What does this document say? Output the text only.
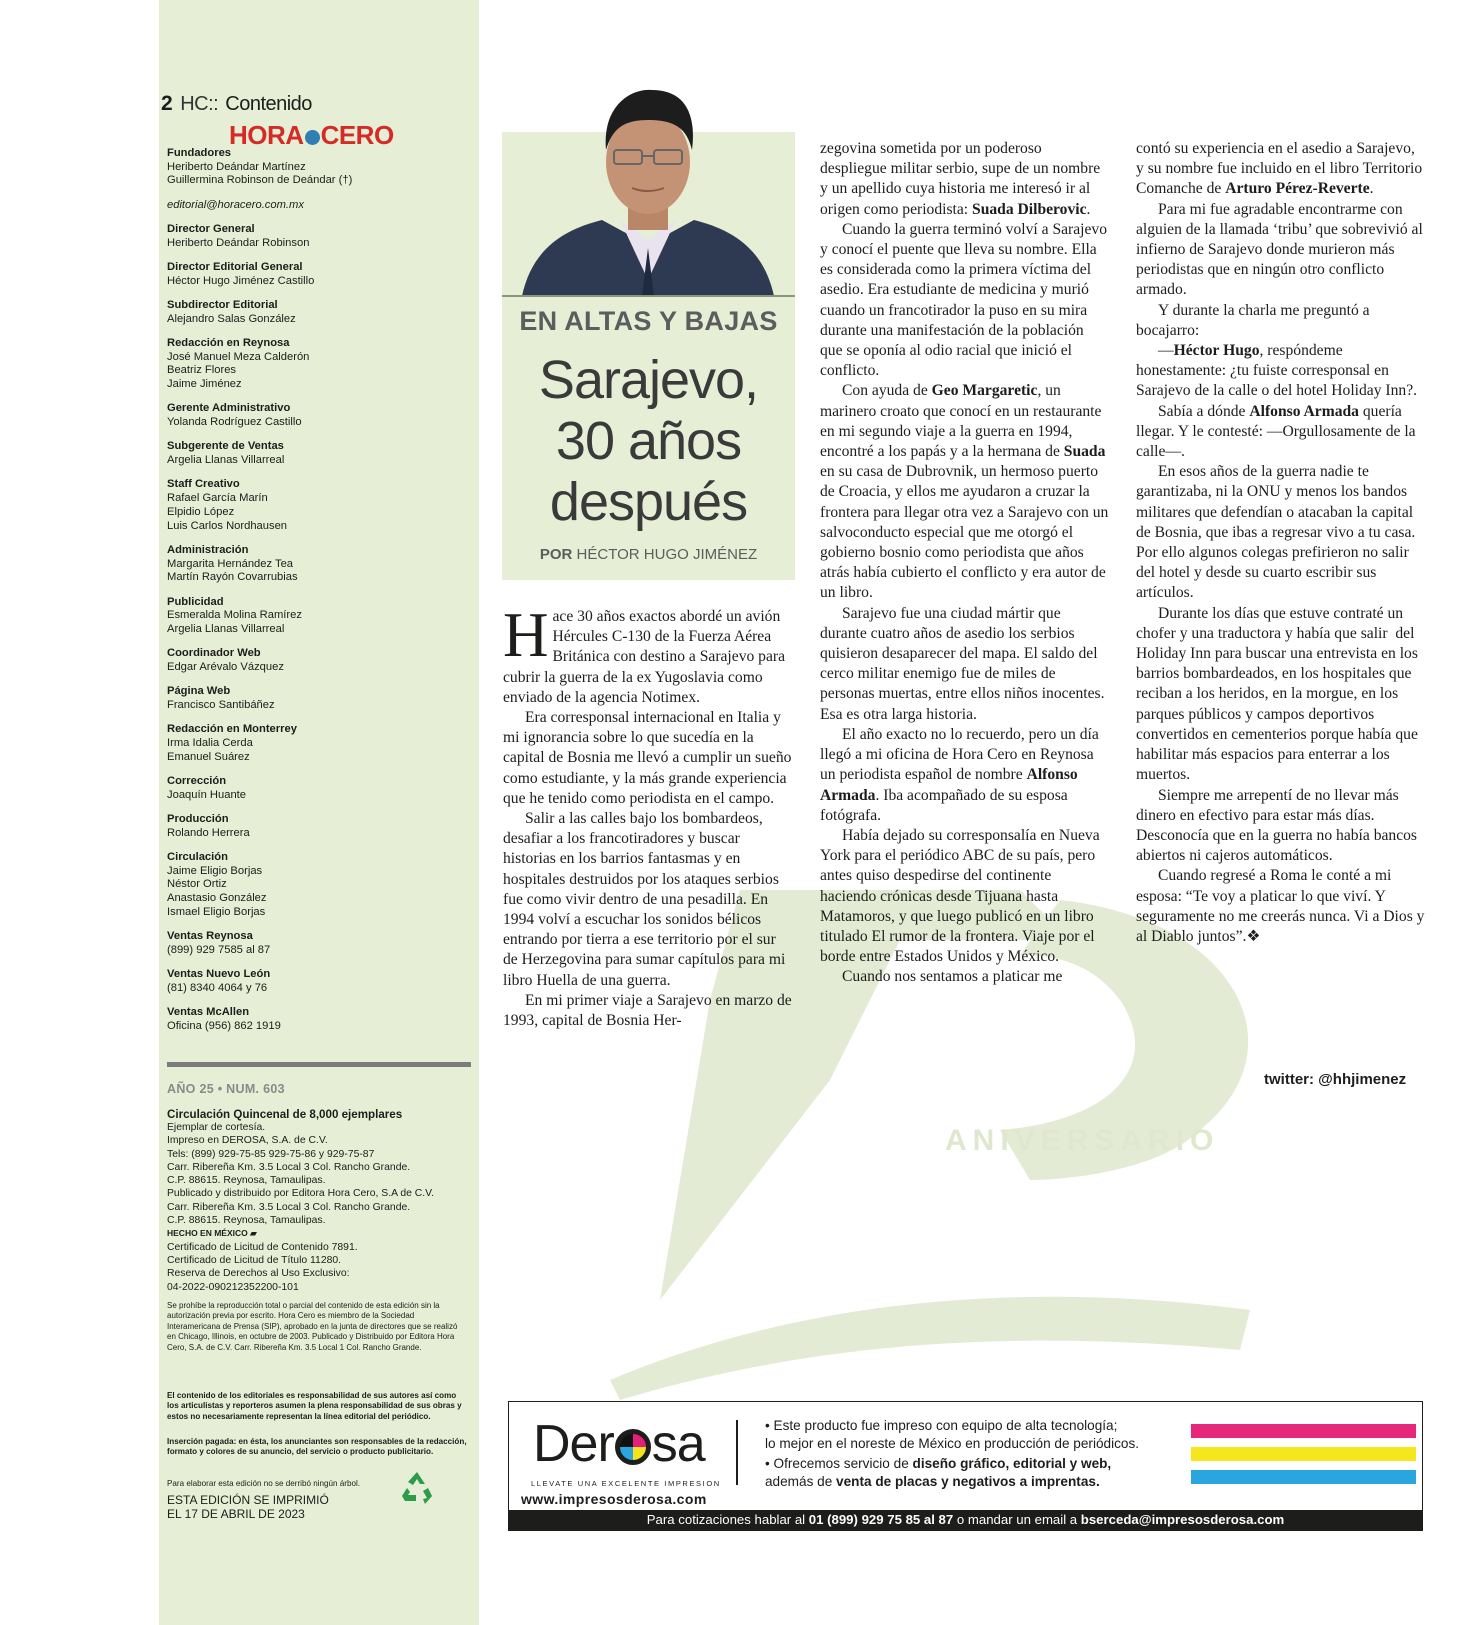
2 HC:: Contenido
HORA CERO
Fundadores
Heriberto Deándar Martínez
Guillermina Robinson de Deándar (†)
editorial@horacero.com.mx
Director General
Heriberto Deándar Robinson
Director Editorial General
Héctor Hugo Jiménez Castillo
Subdirector Editorial
Alejandro Salas González
Redacción en Reynosa
José Manuel Meza Calderón
Beatriz Flores
Jaime Jiménez
Gerente Administrativo
Yolanda Rodríguez Castillo
Subgerente de Ventas
Argelia Llanas Villarreal
Staff Creativo
Rafael García Marín
Elpidio López
Luis Carlos Nordhausen
Administración
Margarita Hernández Tea
Martín Rayón Covarrubias
Publicidad
Esmeralda Molina Ramírez
Argelia Llanas Villarreal
Coordinador Web
Edgar Arévalo Vázquez
Página Web
Francisco Santibáñez
Redacción en Monterrey
Irma Idalia Cerda
Emanuel Suárez
Corrección
Joaquín Huante
Producción
Rolando Herrera
Circulación
Jaime Eligio Borjas
Néstor Ortiz
Anastasio González
Ismael Eligio Borjas
Ventas Reynosa
(899) 929 7585 al 87
Ventas Nuevo León
(81) 8340 4064 y 76
Ventas McAllen
Oficina (956) 862 1919
AÑO 25 • NUM. 603
Circulación Quincenal de 8,000 ejemplares
Ejemplar de cortesía.
Impreso en DEROSA, S.A. de C.V.
Tels: (899) 929-75-85 929-75-86 y 929-75-87
Carr. Ribereña Km. 3.5 Local 3 Col. Rancho Grande.
C.P. 88615. Reynosa, Tamaulipas.
Publicado y distribuido por Editora Hora Cero, S.A de C.V.
Carr. Ribereña Km. 3.5 Local 3 Col. Rancho Grande.
C.P. 88615. Reynosa, Tamaulipas.
HECHO EN MÉXICO ▰
Certificado de Licitud de Contenido 7891.
Certificado de Licitud de Título 11280.
Reserva de Derechos al Uso Exclusivo:
04-2022-090212352200-101
Se prohíbe la reproducción total o parcial del contenido de esta edición sin la autorización previa por escrito. Hora Cero es miembro de la Sociedad Interamericana de Prensa (SIP), aprobado en la junta de directores que se realizó en Chicago, Illinois, en octubre de 2003. Publicado y Distribuido por Editora Hora Cero, S.A. de C.V. Carr. Ribereña Km. 3.5 Local 1 Col. Rancho Grande.
El contenido de los editoriales es responsabilidad de sus autores así como los articulistas y reporteros asumen la plena responsabilidad de sus obras y estos no necesariamente representan la línea editorial del periódico.
Inserción pagada: en ésta, los anunciantes son responsables de la redacción, formato y colores de su anuncio, del servicio o producto publicitario.
Para elaborar esta edición no se derribó ningún árbol.
ESTA EDICIÓN SE IMPRIMIÓ
EL 17 DE ABRIL DE 2023
ANIVERSARIO
EN ALTAS Y BAJAS
Sarajevo,
30 años
después
POR HÉCTOR HUGO JIMÉNEZ

Hace 30 años exactos abordé un avión Hércules C-130 de la Fuerza Aérea Británica con destino a Sarajevo para cubrir la guerra de la ex Yugoslavia como enviado de la agencia Notimex.

Era corresponsal internacional en Italia y mi ignorancia sobre lo que sucedía en la capital de Bosnia me llevó a cumplir un sueño como estudiante, y la más grande experiencia que he tenido como periodista en el campo.

Salir a las calles bajo los bombardeos, desafiar a los francotiradores y buscar historias en los barrios fantasmas y en hospitales destruidos por los ataques serbios fue como vivir dentro de una pesadilla. En 1994 volví a escuchar los sonidos bélicos entrando por tierra a ese territorio por el sur de Herzegovina para sumar capítulos para mi libro Huella de una guerra.

En mi primer viaje a Sarajevo en marzo de 1993, capital de Bosnia Her-

zegovina sometida por un poderoso despliegue militar serbio, supe de un nombre y un apellido cuya historia me interesó ir al origen como periodista: Suada Dilberovic.

Cuando la guerra terminó volví a Sarajevo y conocí el puente que lleva su nombre. Ella es considerada como la primera víctima del asedio. Era estudiante de medicina y murió cuando un francotirador la puso en su mira durante una manifestación de la población que se oponía al odio racial que inició el conflicto.

Con ayuda de Geo Margaretic, un marinero croato que conocí en un restaurante en mi segundo viaje a la guerra en 1994, encontré a los papás y a la hermana de Suada en su casa de Dubrovnik, un hermoso puerto de Croacia, y ellos me ayudaron a cruzar la frontera para llegar otra vez a Sarajevo con un salvoconducto especial que me otorgó el gobierno bosnio como periodista que años atrás había cubierto el conflicto y era autor de un libro.

Sarajevo fue una ciudad mártir que durante cuatro años de asedio los serbios quisieron desaparecer del mapa. El saldo del cerco militar enemigo fue de miles de personas muertas, entre ellos niños inocentes. Esa es otra larga historia.

El año exacto no lo recuerdo, pero un día llegó a mi oficina de Hora Cero en Reynosa un periodista español de nombre Alfonso Armada. Iba acompañado de su esposa fotógrafa.

Había dejado su corresponsalía en Nueva York para el periódico ABC de su país, pero antes quiso despedirse del continente haciendo crónicas desde Tijuana hasta Matamoros, y que luego publicó en un libro titulado El rumor de la frontera. Viaje por el borde entre Estados Unidos y México.

Cuando nos sentamos a platicar me

contó su experiencia en el asedio a Sarajevo, y su nombre fue incluido en el libro Territorio Comanche de Arturo Pérez-Reverte.

Para mi fue agradable encontrarme con alguien de la llamada ‘tribu’ que sobrevivió al infierno de Sarajevo donde murieron más periodistas que en ningún otro conflicto armado.

Y durante la charla me preguntó a bocajarro:

—Héctor Hugo, respóndeme honestamente: ¿tu fuiste corresponsal en Sarajevo de la calle o del hotel Holiday Inn?.

Sabía a dónde Alfonso Armada quería llegar. Y le contesté: —Orgullosamente de la calle—.

En esos años de la guerra nadie te garantizaba, ni la ONU y menos los bandos militares que defendían o atacaban la capital de Bosnia, que ibas a regresar vivo a tu casa. Por ello algunos colegas prefirieron no salir del hotel y desde su cuarto escribir sus artículos.

Durante los días que estuve contraté un chofer y una traductora y había que salir  del Holiday Inn para buscar una entrevista en los barrios bombardeados, en los hospitales que reciban a los heridos, en la morgue, en los parques públicos y campos deportivos convertidos en cementerios porque había que habilitar más espacios para enterrar a los muertos.

Siempre me arrepentí de no llevar más dinero en efectivo para estar más días. Desconocía que en la guerra no había bancos abiertos ni cajeros automáticos.

Cuando regresé a Roma le conté a mi esposa: “Te voy a platicar lo que viví. Y seguramente no me creerás nunca. Vi a Dios y al Diablo juntos”.❖

twitter: @hhjimenez
Der sa
LLEVATE UNA EXCELENTE IMPRESION
www.impresosderosa.com
• Este producto fue impreso con equipo de alta tecnología;
lo mejor en el noreste de México en producción de periódicos.
• Ofrecemos servicio de diseño gráfico, editorial y web,
además de venta de placas y negativos a imprentas.
Para cotizaciones hablar al 01 (899) 929 75 85 al 87 o mandar un email a bserceda@impresosderosa.com
